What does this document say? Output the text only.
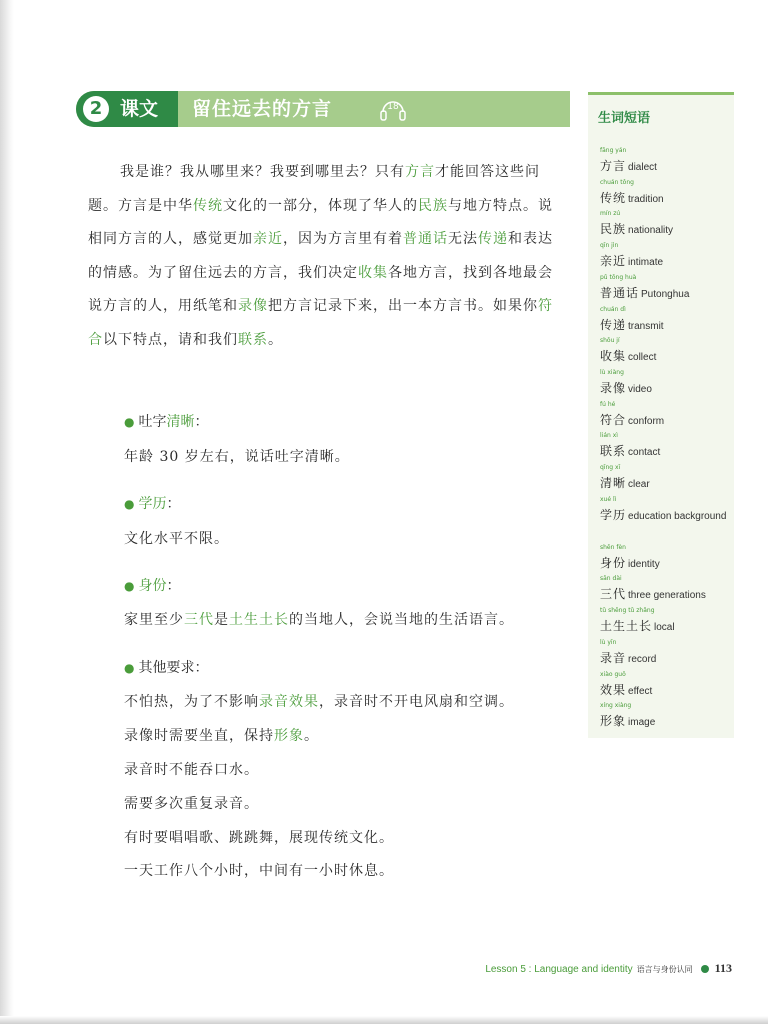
2 课文 留住远去的方言	18
我是谁？我从哪里来？我要到哪里去？只有方言才能回答这些问题。方言是中华传统文化的一部分，体现了华人的民族与地方特点。说相同方言的人，感觉更加亲近，因为方言里有着普通话无法传递和表达的情感。为了留住远去的方言，我们决定收集各地方言，找到各地最会说方言的人，用纸笔和录像把方言记录下来，出一本方言书。如果你符合以下特点，请和我们联系。
● 吐字清晰：
年龄 30 岁左右，说话吐字清晰。
● 学历：
文化水平不限。
● 身份：
家里至少三代是土生土长的当地人，会说当地的生活语言。
● 其他要求：
不怕热，为了不影响录音效果，录音时不开电风扇和空调。
录像时需要坐直，保持形象。
录音时不能吞口水。
需要多次重复录音。
有时要唱唱歌、跳跳舞，展现传统文化。
一天工作八个小时，中间有一小时休息。
生词短语
fāng yán
方言 dialect
chuán tǒng
传统 tradition
mín zú
民族 nationality
qīn jìn
亲近 intimate
pǔ tōng huà
普通话 Putonghua
chuán dì
传递 transmit
shōu jí
收集 collect
lù xiàng
录像 video
fú hé
符合 conform
lián xì
联系 contact
qīng xī
清晰 clear
xué lì
学历 education background
shēn fèn
身份 identity
sān dài
三代 three generations
tǔ shēng tǔ zhǎng
土生土长 local
lù yīn
录音 record
xiào guǒ
效果 effect
xíng xiàng
形象 image
Lesson 5 : Language and identity 语言与身份认同 113
